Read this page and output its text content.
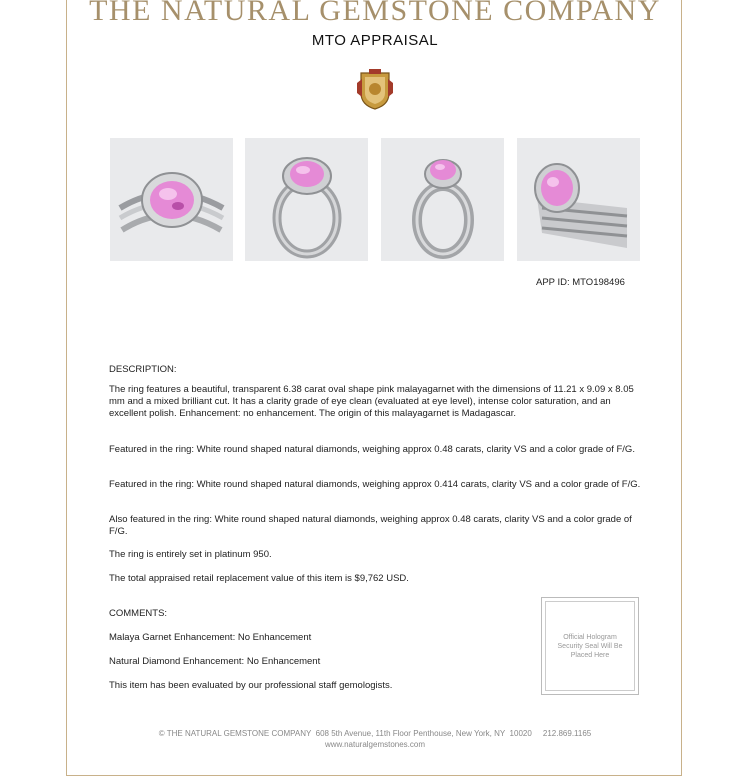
THE NATURAL GEMSTONE COMPANY
MTO APPRAISAL
APP ID: MTO198496

DESCRIPTION:

The ring features a beautiful, transparent 6.38 carat oval shape pink malayagarnet with the dimensions of 11.21 x 9.09 x 8.05 mm and a mixed brilliant cut. It has a clarity grade of eye clean (evaluated at eye level), intense color saturation, and an excellent polish. Enhancement: no enhancement. The origin of this malayagarnet is Madagascar.

Featured in the ring: White round shaped natural diamonds, weighing approx 0.48 carats, clarity VS and a color grade of F/G.

Featured in the ring: White round shaped natural diamonds, weighing approx 0.414 carats, clarity VS and a color grade of F/G.

Also featured in the ring: White round shaped natural diamonds, weighing approx 0.48 carats, clarity VS and a color grade of F/G.

The ring is entirely set in platinum 950.

The total appraised retail replacement value of this item is $9,762 USD.

COMMENTS:

Malaya Garnet Enhancement: No Enhancement

Natural Diamond Enhancement: No Enhancement

This item has been evaluated by our professional staff gemologists.

Official Hologram Security Seal Will Be Placed Here
© THE NATURAL GEMSTONE COMPANY  608 5th Avenue, 11th Floor Penthouse, New York, NY  10020     212.869.1165
www.naturalgemstones.com
